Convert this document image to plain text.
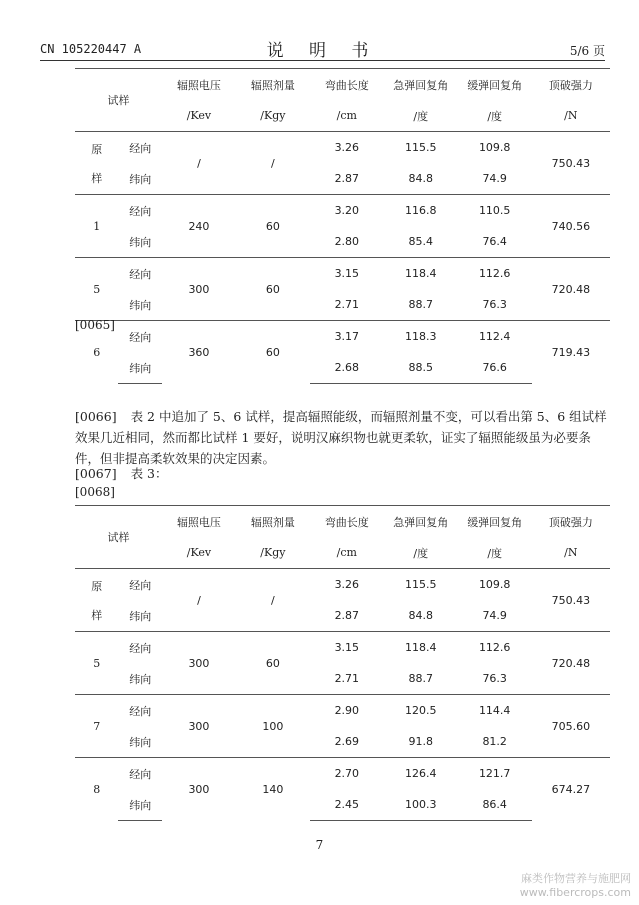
CN 105220447 A	说 明 书	5/6 页
试样		辐照电压	辐照剂量	弯曲长度	急弹回复角	缓弹回复角	顶破强力
		/Kev	/Kgy	/cm	/度	/度	/N
原

样	经向	/	/	3.26	115.5	109.8	750.43
	纬向			2.87	84.8	74.9	
1	经向	240	60	3.20	116.8	110.5	740.56
	纬向			2.80	85.4	76.4	
5	经向	300	60	3.15	118.4	112.6	720.48
	纬向			2.71	88.7	76.3	
6	经向	360	60	3.17	118.3	112.4	719.43
	纬向			2.68	88.5	76.6	
[0065]
[0066] 表 2 中追加了 5、6 试样，提高辐照能级，而辐照剂量不变，可以看出第 5、6 组试样效果几近相同，然而都比试样 1 要好，说明汉麻织物也就更柔软，证实了辐照能级虽为必要条件，但非提高柔软效果的决定因素。
[0067] 表 3：
[0068]
试样		辐照电压	辐照剂量	弯曲长度	急弹回复角	缓弹回复角	顶破强力
		/Kev	/Kgy	/cm	/度	/度	/N
原

样	经向	/	/	3.26	115.5	109.8	750.43
	纬向			2.87	84.8	74.9	
5	经向	300	60	3.15	118.4	112.6	720.48
	纬向			2.71	88.7	76.3	
7	经向	300	100	2.90	120.5	114.4	705.60
	纬向			2.69	91.8	81.2	
8	经向	300	140	2.70	126.4	121.7	674.27
	纬向			2.45	100.3	86.4	
7
麻类作物营养与施肥网
www.fibercrops.com
